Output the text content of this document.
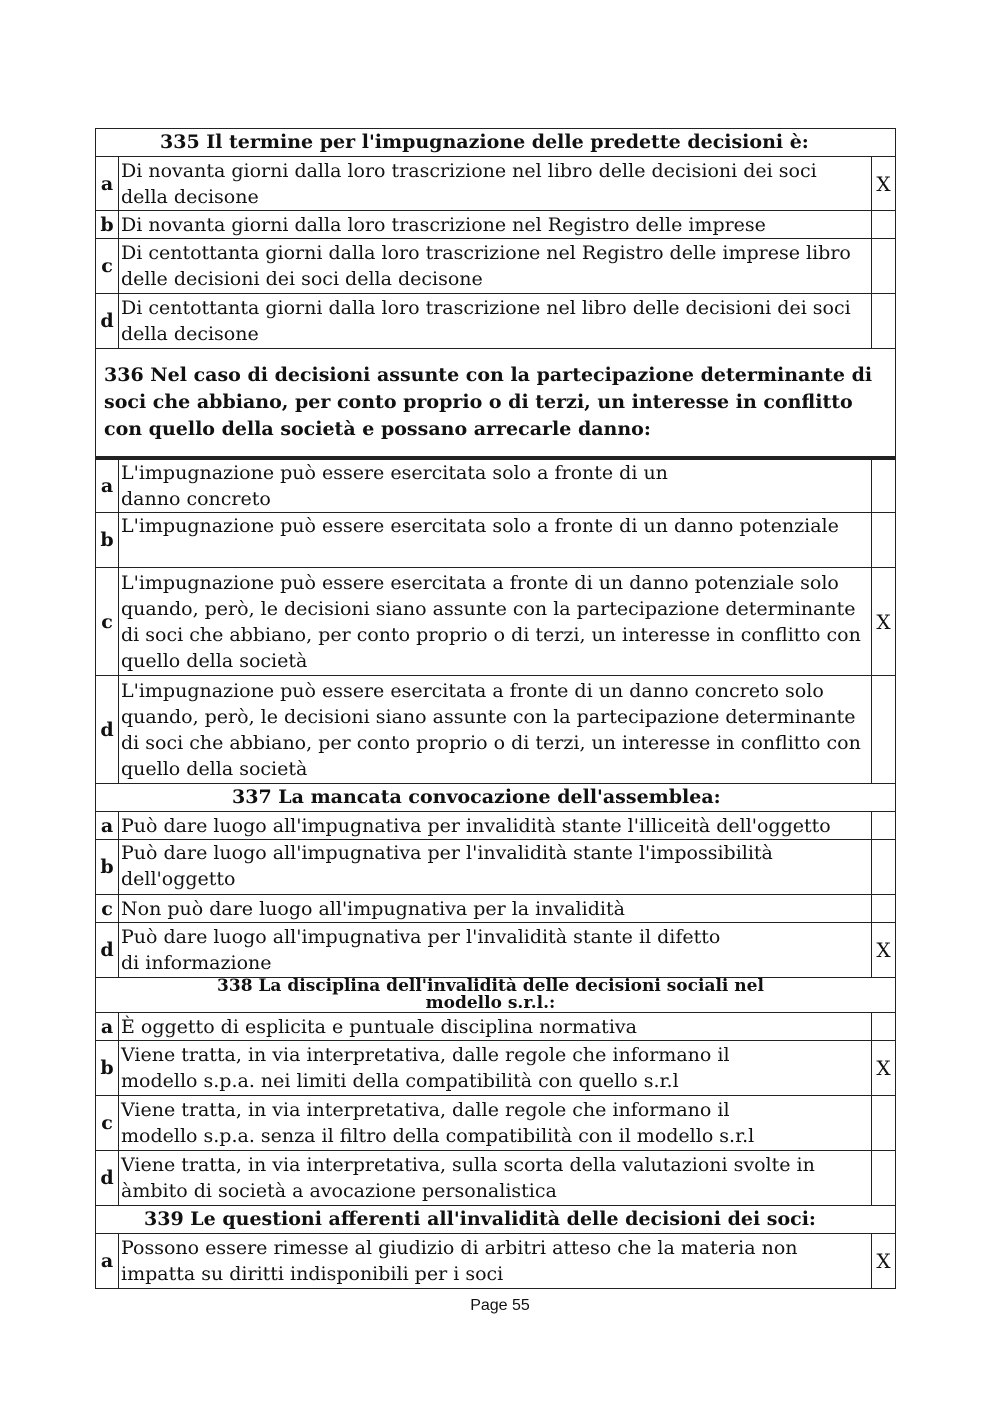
335 Il termine per l'impugnazione delle predette decisioni è:		
a	Di novanta giorni dalla loro trascrizione nel libro delle decisioni dei soci della decisone	X
b	Di novanta giorni dalla loro trascrizione nel Registro delle imprese	
c	Di centottanta giorni dalla loro trascrizione nel Registro delle imprese libro delle decisioni dei soci della decisone	
d	Di centottanta giorni dalla loro trascrizione nel libro delle decisioni dei soci della decisone	
336 Nel caso di decisioni assunte con la partecipazione determinante di soci che abbiano, per conto proprio o di terzi, un interesse in conflitto con quello della società e possano arrecarle danno:		
a	L'impugnazione può essere esercitata solo a fronte di un danno concreto	
b	L'impugnazione può essere esercitata solo a fronte di un danno potenziale	
c	L'impugnazione può essere esercitata a fronte di un danno potenziale solo quando, però, le decisioni siano assunte con la partecipazione determinante di soci che abbiano, per conto proprio o di terzi, un interesse in conflitto con quello della società	X
d	L'impugnazione può essere esercitata a fronte di un danno concreto solo quando, però, le decisioni siano assunte con la partecipazione determinante di soci che abbiano, per conto proprio o di terzi, un interesse in conflitto con quello della società	
337 La mancata convocazione dell'assemblea:		
a	Può dare luogo all'impugnativa per invalidità stante l'illiceità dell'oggetto	
b	Può dare luogo all'impugnativa per l'invalidità stante l'impossibilità dell'oggetto	
c	Non può dare luogo all'impugnativa per la invalidità	
d	Può dare luogo all'impugnativa per l'invalidità stante il difetto di informazione	X
338 La disciplina dell'invalidità delle decisioni sociali nel modello s.r.l.:		
a	È oggetto di esplicita e puntuale disciplina normativa	
b	Viene tratta, in via interpretativa, dalle regole che informano il modello s.p.a. nei limiti della compatibilità con quello s.r.l	X
c	Viene tratta, in via interpretativa, dalle regole che informano il modello s.p.a. senza il filtro della compatibilità con il modello s.r.l	
d	Viene tratta, in via interpretativa, sulla scorta della valutazioni svolte in àmbito di società a avocazione personalistica	
339 Le questioni afferenti all'invalidità delle decisioni dei soci:		
a	Possono essere rimesse al giudizio di arbitri atteso che la materia non impatta su diritti indisponibili per i soci	X
Page 55
